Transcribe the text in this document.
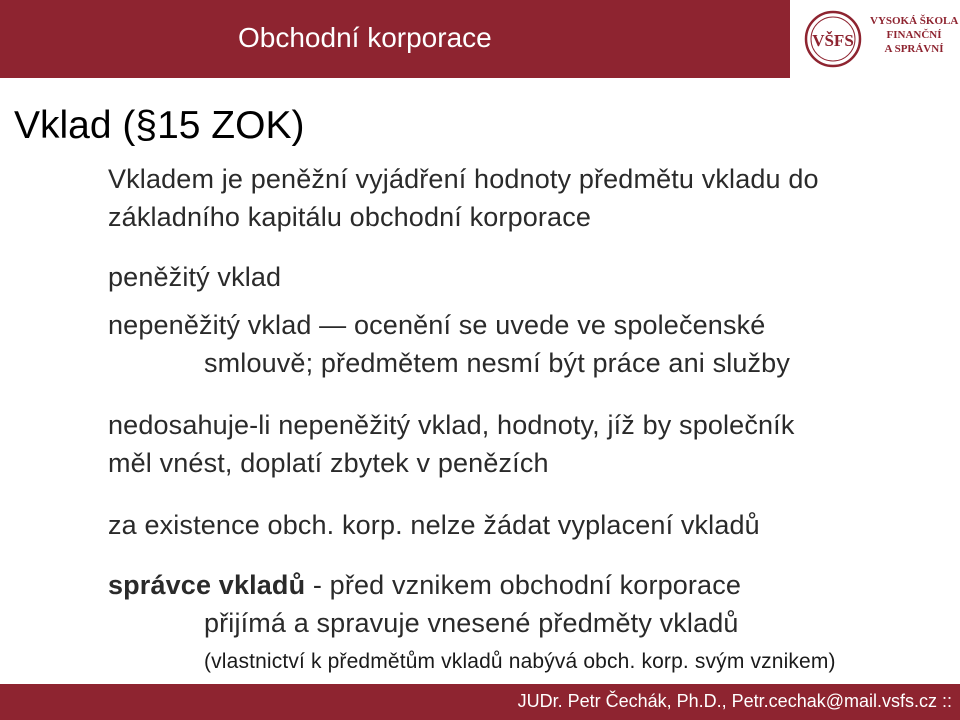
Obchodní korporace	VŠFS
VYSOKÁ ŠKOLA
FINANČNÍ
A SPRÁVNÍ
Vklad (§15 ZOK)
Vkladem je peněžní vyjádření hodnoty předmětu vkladu do
základního kapitálu obchodní korporace
peněžitý vklad
nepeněžitý vklad — ocenění se uvede ve společenské
smlouvě; předmětem nesmí být práce ani služby
nedosahuje-li nepeněžitý vklad, hodnoty, jíž by společník
měl vnést, doplatí zbytek v penězích
za existence obch. korp. nelze žádat vyplacení vkladů
správce vkladů - před vznikem obchodní korporace
přijímá a spravuje vnesené předměty vkladů
(vlastnictví k předmětům vkladů nabývá obch. korp. svým vznikem)
JUDr. Petr Čechák, Ph.D., Petr.cechak@mail.vsfs.cz ::
